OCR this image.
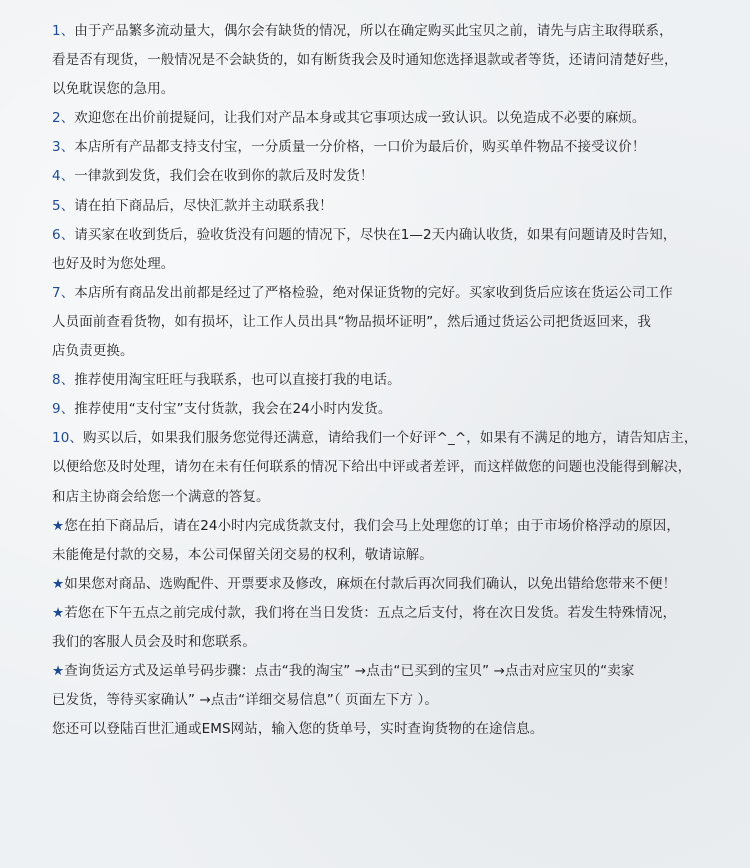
1、由于产品繁多流动量大，偶尔会有缺货的情况，所以在确定购买此宝贝之前，请先与店主取得联系，
看是否有现货，一般情况是不会缺货的，如有断货我会及时通知您选择退款或者等货，还请问清楚好些，
以免耽误您的急用。
2、欢迎您在出价前提疑问，让我们对产品本身或其它事项达成一致认识。以免造成不必要的麻烦。
3、本店所有产品都支持支付宝，一分质量一分价格，一口价为最后价，购买单件物品不接受议价！
4、一律款到发货，我们会在收到你的款后及时发货！
5、请在拍下商品后，尽快汇款并主动联系我！
6、请买家在收到货后，验收货没有问题的情况下，尽快在1—2天内确认收货，如果有问题请及时告知，
也好及时为您处理。
7、本店所有商品发出前都是经过了严格检验，绝对保证货物的完好。买家收到货后应该在货运公司工作
人员面前查看货物，如有损坏，让工作人员出具“物品损坏证明”，然后通过货运公司把货返回来，我
店负责更换。
8、推荐使用淘宝旺旺与我联系，也可以直接打我的电话。
9、推荐使用“支付宝”支付货款，我会在24小时内发货。
10、购买以后，如果我们服务您觉得还满意，请给我们一个好评^_^，如果有不满足的地方，请告知店主，
以便给您及时处理，请勿在未有任何联系的情况下给出中评或者差评，而这样做您的问题也没能得到解决，
和店主协商会给您一个满意的答复。
★您在拍下商品后，请在24小时内完成货款支付，我们会马上处理您的订单；由于市场价格浮动的原因，
未能俺是付款的交易，本公司保留关闭交易的权利，敬请谅解。
★如果您对商品、选购配件、开票要求及修改，麻烦在付款后再次同我们确认，以免出错给您带来不便！
★若您在下午五点之前完成付款，我们将在当日发货：五点之后支付，将在次日发货。若发生特殊情况，
我们的客服人员会及时和您联系。
★查询货运方式及运单号码步骤：点击“我的淘宝” →点击“已买到的宝贝” →点击对应宝贝的“卖家
已发货，等待买家确认” →点击“详细交易信息”（ 页面左下方 ）。
您还可以登陆百世汇通或EMS网站，输入您的货单号，实时查询货物的在途信息。
